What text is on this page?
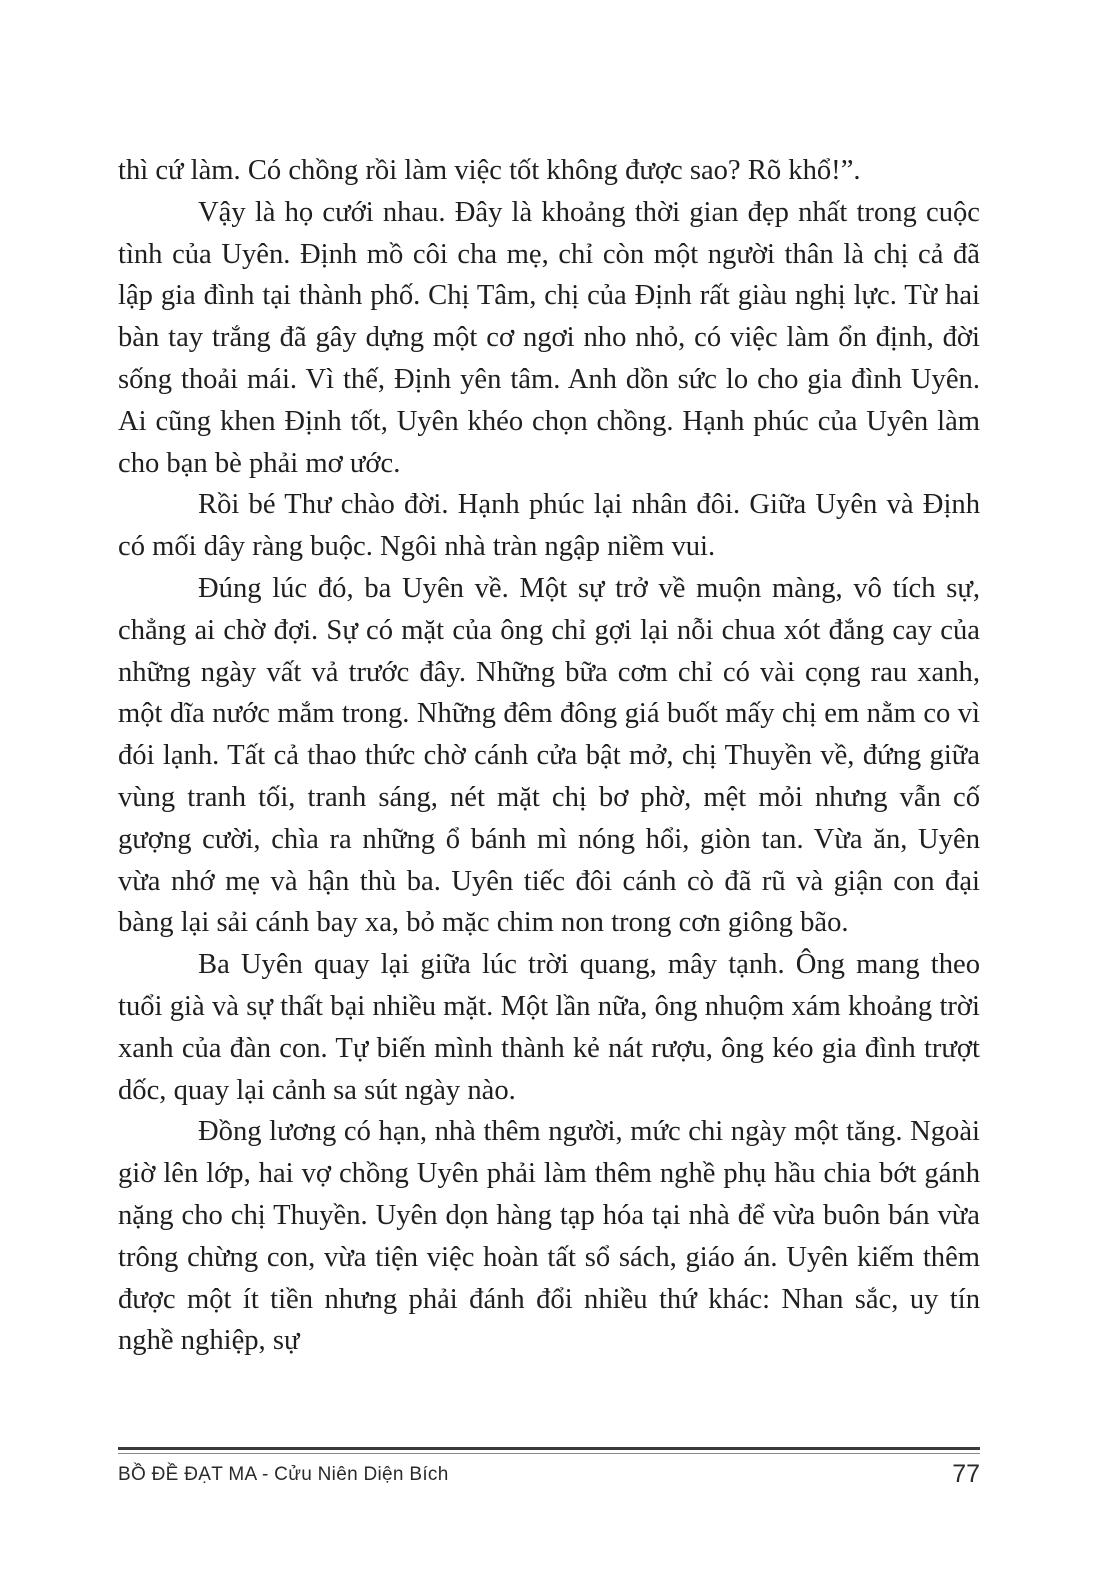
thì cứ làm. Có chồng rồi làm việc tốt không được sao? Rõ khổ!”.

Vậy là họ cưới nhau. Đây là khoảng thời gian đẹp nhất trong cuộc tình của Uyên. Định mồ côi cha mẹ, chỉ còn một người thân là chị cả đã lập gia đình tại thành phố. Chị Tâm, chị của Định rất giàu nghị lực. Từ hai bàn tay trắng đã gây dựng một cơ ngơi nho nhỏ, có việc làm ổn định, đời sống thoải mái. Vì thế, Định yên tâm. Anh dồn sức lo cho gia đình Uyên. Ai cũng khen Định tốt, Uyên khéo chọn chồng. Hạnh phúc của Uyên làm cho bạn bè phải mơ ước.

Rồi bé Thư chào đời. Hạnh phúc lại nhân đôi. Giữa Uyên và Định có mối dây ràng buộc. Ngôi nhà tràn ngập niềm vui.

Đúng lúc đó, ba Uyên về. Một sự trở về muộn màng, vô tích sự, chẳng ai chờ đợi. Sự có mặt của ông chỉ gợi lại nỗi chua xót đắng cay của những ngày vất vả trước đây. Những bữa cơm chỉ có vài cọng rau xanh, một dĩa nước mắm trong. Những đêm đông giá buốt mấy chị em nằm co vì đói lạnh. Tất cả thao thức chờ cánh cửa bật mở, chị Thuyền về, đứng giữa vùng tranh tối, tranh sáng, nét mặt chị bơ phờ, mệt mỏi nhưng vẫn cố gượng cười, chìa ra những ổ bánh mì nóng hổi, giòn tan. Vừa ăn, Uyên vừa nhớ mẹ và hận thù ba. Uyên tiếc đôi cánh cò đã rũ và giận con đại bàng lại sải cánh bay xa, bỏ mặc chim non trong cơn giông bão.

Ba Uyên quay lại giữa lúc trời quang, mây tạnh. Ông mang theo tuổi già và sự thất bại nhiều mặt. Một lần nữa, ông nhuộm xám khoảng trời xanh của đàn con. Tự biến mình thành kẻ nát rượu, ông kéo gia đình trượt dốc, quay lại cảnh sa sút ngày nào.

Đồng lương có hạn, nhà thêm người, mức chi ngày một tăng. Ngoài giờ lên lớp, hai vợ chồng Uyên phải làm thêm nghề phụ hầu chia bớt gánh nặng cho chị Thuyền. Uyên dọn hàng tạp hóa tại nhà để vừa buôn bán vừa trông chừng con, vừa tiện việc hoàn tất sổ sách, giáo án. Uyên kiếm thêm được một ít tiền nhưng phải đánh đổi nhiều thứ khác: Nhan sắc, uy tín nghề nghiệp, sự

BỒ ĐỀ ĐẠT MA - Cửu Niên Diện Bích	77
